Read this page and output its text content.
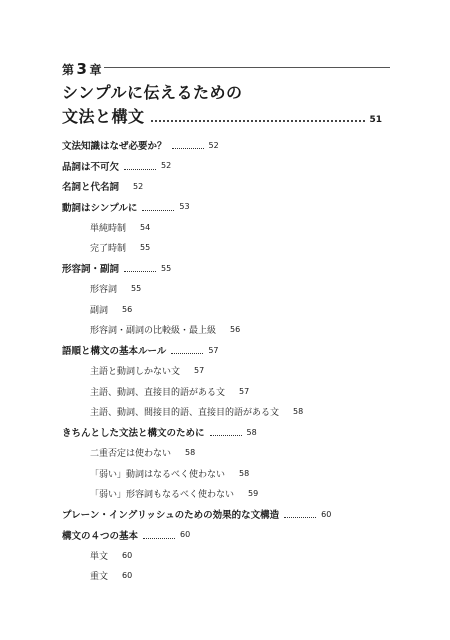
第 3 章
シンプルに伝えるための
文法と構文	51
文法知識はなぜ必要か？	52
品詞は不可欠	52
名詞と代名詞 52
動詞はシンプルに	53
単純時制 54
完了時制 55
形容詞・副詞	55
形容詞 55
副詞 56
形容詞・副詞の比較級・最上級 56
語順と構文の基本ルール	57
主語と動詞しかない文 57
主語、動詞、直接目的語がある文 57
主語、動詞、間接目的語、直接目的語がある文 58
きちんとした文法と構文のために	58
二重否定は使わない 58
「弱い」動詞はなるべく使わない 58
「弱い」形容詞もなるべく使わない 59
プレーン・イングリッシュのための効果的な文構造	60
構文の４つの基本	60
単文 60
重文 60
